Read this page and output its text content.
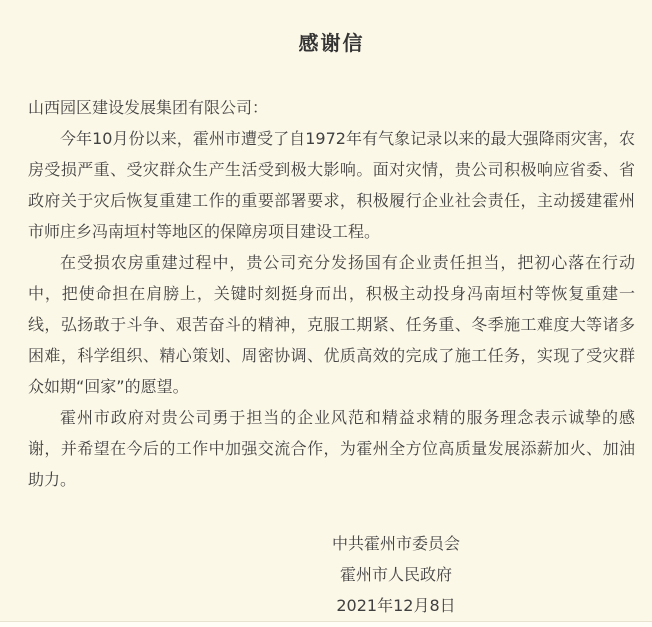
感谢信
山西园区建设发展集团有限公司：

今年10月份以来，霍州市遭受了自1972年有气象记录以来的最大强降雨灾害，农房受损严重、受灾群众生产生活受到极大影响。面对灾情，贵公司积极响应省委、省政府关于灾后恢复重建工作的重要部署要求，积极履行企业社会责任，主动援建霍州市师庄乡冯南垣村等地区的保障房项目建设工程。

在受损农房重建过程中，贵公司充分发扬国有企业责任担当，把初心落在行动中，把使命担在肩膀上，关键时刻挺身而出，积极主动投身冯南垣村等恢复重建一线，弘扬敢于斗争、艰苦奋斗的精神，克服工期紧、任务重、冬季施工难度大等诸多困难，科学组织、精心策划、周密协调、优质高效的完成了施工任务，实现了受灾群众如期“回家”的愿望。

霍州市政府对贵公司勇于担当的企业风范和精益求精的服务理念表示诚挚的感谢，并希望在今后的工作中加强交流合作，为霍州全方位高质量发展添薪加火、加油助力。

中共霍州市委员会
霍州市人民政府
2021年12月8日
